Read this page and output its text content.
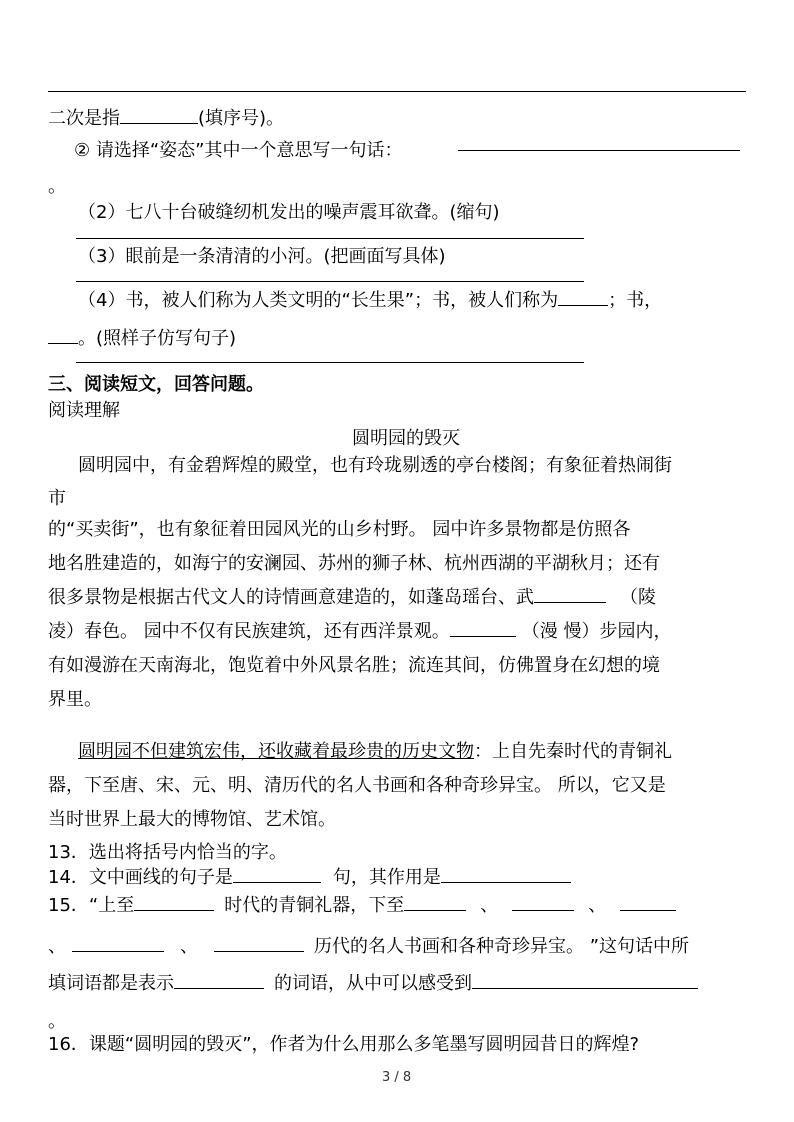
二次是指	(填序号)。
② 请选择“姿态”其中一个意思写一句话：
。
（2）七八十台破缝纫机发出的噪声震耳欲聋。(缩句)
（3）眼前是一条清清的小河。(把画面写具体)
（4）书，被人们称为人类文明的“长生果”；书，被人们称为	；书，
。(照样子仿写句子)
三、阅读短文，回答问题。
阅读理解
圆明园的毁灭
圆明园中，有金碧辉煌的殿堂，也有玲珑剔透的亭台楼阁；有象征着热闹街
市
的“买卖街”，也有象征着田园风光的山乡村野。 园中许多景物都是仿照各
地名胜建造的，如海宁的安澜园、苏州的狮子林、杭州西湖的平湖秋月；还有
很多景物是根据古代文人的诗情画意建造的，如蓬岛瑶台、武	（陵
凌）春色。 园中不仅有民族建筑，还有西洋景观。	（漫 慢）步园内，
有如漫游在天南海北，饱览着中外风景名胜；流连其间，仿佛置身在幻想的境
界里。
圆明园不但建筑宏伟，还收藏着最珍贵的历史文物：上自先秦时代的青铜礼
器，下至唐、宋、元、明、清历代的名人书画和各种奇珍异宝。 所以，它又是
当时世界上最大的博物馆、艺术馆。
13．选出将括号内恰当的字。
14．文中画线的句子是	句，其作用是
15．“上至	时代的青铜礼器，下至	、	、
、	、	历代的名人书画和各种奇珍异宝。 ”这句话中所
填词语都是表示	的词语，从中可以感受到
。
16．课题“圆明园的毁灭”，作者为什么用那么多笔墨写圆明园昔日的辉煌?
3 / 8
